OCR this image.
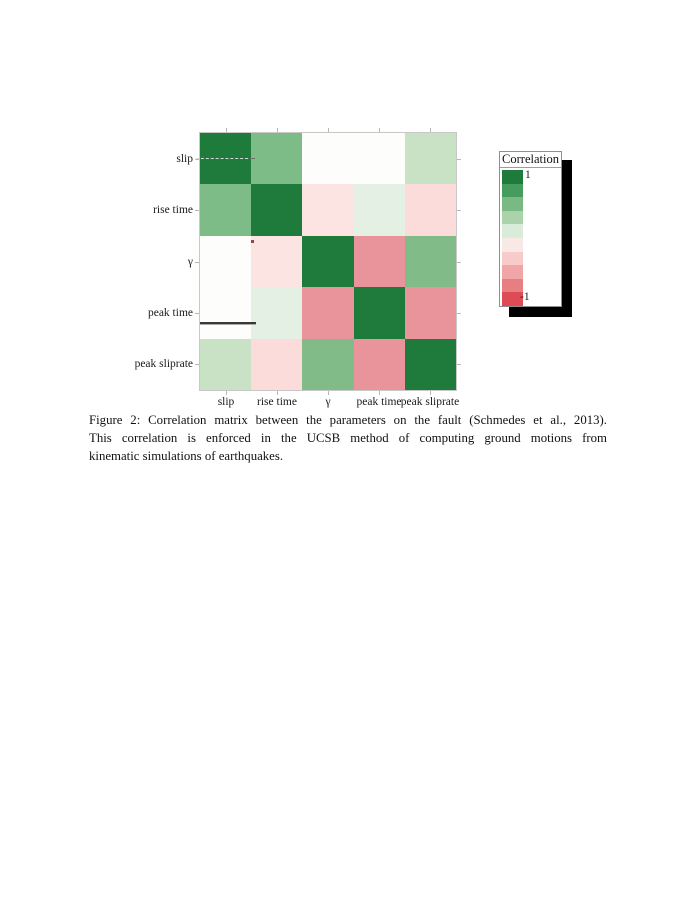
slip
rise time
γ
peak time
peak sliprate
slip	rise time	γ	peak time peak sliprate
Correlation
1
-1
Figure 2: Correlation matrix between the parameters on the fault (Schmedes et al., 2013).
This correlation is enforced in the UCSB method of computing ground motions from
kinematic simulations of earthquakes.
